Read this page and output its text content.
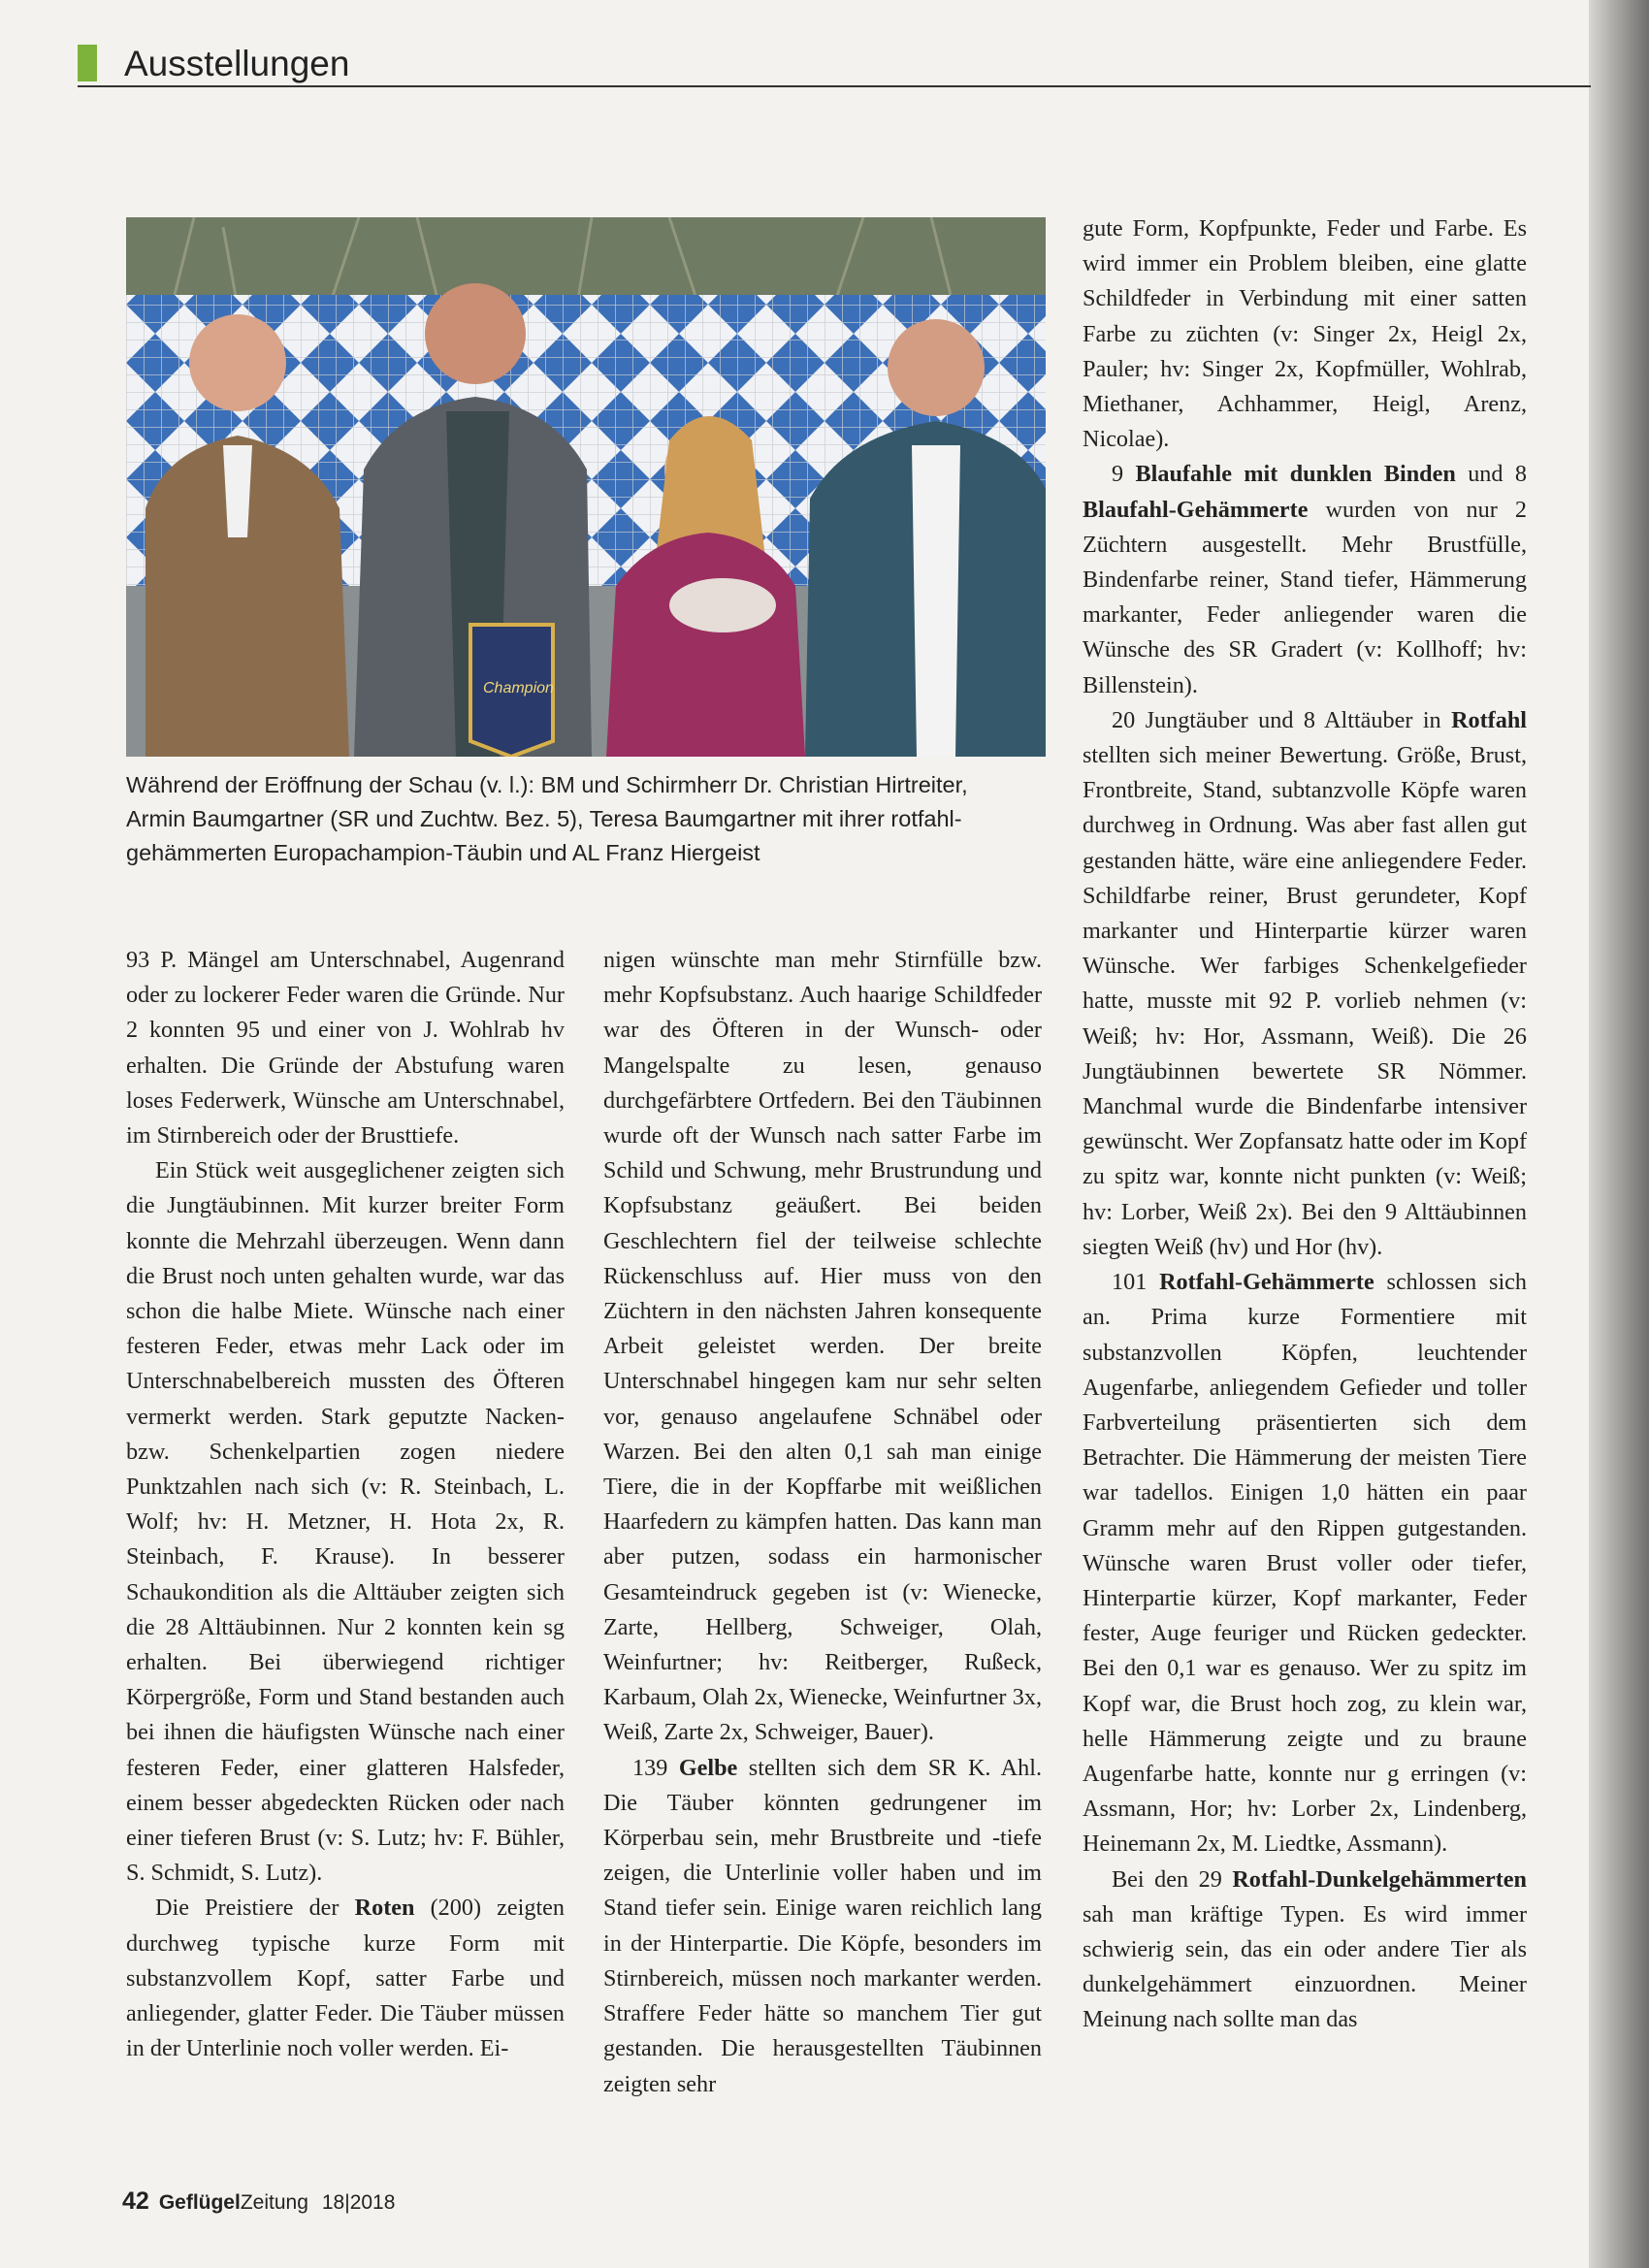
Ausstellungen
Champion

Während der Eröffnung der Schau (v. l.): BM und Schirmherr Dr. Christian Hirtreiter,

Armin Baumgartner (SR und Zuchtw. Bez. 5), Teresa Baumgartner mit ihrer rotfahl-

gehämmerten Europachampion-Täubin und AL Franz Hiergeist

93 P. Mängel am Unterschnabel, Augenrand oder zu lockerer Feder waren die Gründe. Nur 2 konnten 95 und einer von J. Wohlrab hv erhalten. Die Gründe der Abstufung waren loses Federwerk, Wünsche am Unterschnabel, im Stirnbereich oder der Brusttiefe.

Ein Stück weit ausgeglichener zeigten sich die Jungtäubinnen. Mit kurzer breiter Form konnte die Mehrzahl überzeugen. Wenn dann die Brust noch unten gehalten wurde, war das schon die halbe Miete. Wünsche nach einer festeren Feder, etwas mehr Lack oder im Unterschnabelbereich mussten des Öfteren vermerkt werden. Stark geputzte Nacken- bzw. Schenkelpartien zogen niedere Punktzahlen nach sich (v: R. Steinbach, L. Wolf; hv: H. Metzner, H. Hota 2x, R. Steinbach, F. Krause). In besserer Schaukondition als die Alttäuber zeigten sich die 28 Alttäubinnen. Nur 2 konnten kein sg erhalten. Bei überwiegend richtiger Körpergröße, Form und Stand bestanden auch bei ihnen die häufigsten Wünsche nach einer festeren Feder, einer glatteren Halsfeder, einem besser abgedeckten Rücken oder nach einer tieferen Brust (v: S. Lutz; hv: F. Bühler, S. Schmidt, S. Lutz).

Die Preistiere der Roten (200) zeigten durchweg typische kurze Form mit substanzvollem Kopf, satter Farbe und anliegender, glatter Feder. Die Täuber müssen in der Unterlinie noch voller werden. Ei-

nigen wünschte man mehr Stirnfülle bzw. mehr Kopfsubstanz. Auch haarige Schildfeder war des Öfteren in der Wunsch- oder Mangelspalte zu lesen, genauso durchgefärbtere Ortfedern. Bei den Täubinnen wurde oft der Wunsch nach satter Farbe im Schild und Schwung, mehr Brustrundung und Kopfsubstanz geäußert. Bei beiden Geschlechtern fiel der teilweise schlechte Rückenschluss auf. Hier muss von den Züchtern in den nächsten Jahren konsequente Arbeit geleistet werden. Der breite Unterschnabel hingegen kam nur sehr selten vor, genauso angelaufene Schnäbel oder Warzen. Bei den alten 0,1 sah man einige Tiere, die in der Kopffarbe mit weißlichen Haarfedern zu kämpfen hatten. Das kann man aber putzen, sodass ein harmonischer Gesamteindruck gegeben ist (v: Wienecke, Zarte, Hellberg, Schweiger, Olah, Weinfurtner; hv: Reitberger, Rußeck, Karbaum, Olah 2x, Wienecke, Weinfurtner 3x, Weiß, Zarte 2x, Schweiger, Bauer).

139 Gelbe stellten sich dem SR K. Ahl. Die Täuber könnten gedrungener im Körperbau sein, mehr Brustbreite und -tiefe zeigen, die Unterlinie voller haben und im Stand tiefer sein. Einige waren reichlich lang in der Hinterpartie. Die Köpfe, besonders im Stirnbereich, müssen noch markanter werden. Straffere Feder hätte so manchem Tier gut gestanden. Die herausgestellten Täubinnen zeigten sehr

gute Form, Kopfpunkte, Feder und Farbe. Es wird immer ein Problem bleiben, eine glatte Schildfeder in Verbindung mit einer satten Farbe zu züchten (v: Singer 2x, Heigl 2x, Pauler; hv: Singer 2x, Kopfmüller, Wohlrab, Miethaner, Achhammer, Heigl, Arenz, Nicolae).

9 Blaufahle mit dunklen Binden und 8 Blaufahl-Gehämmerte wurden von nur 2 Züchtern ausgestellt. Mehr Brustfülle, Bindenfarbe reiner, Stand tiefer, Hämmerung markanter, Feder anliegender waren die Wünsche des SR Gradert (v: Kollhoff; hv: Billenstein).

20 Jungtäuber und 8 Alttäuber in Rotfahl stellten sich meiner Bewertung. Größe, Brust, Frontbreite, Stand, subtanzvolle Köpfe waren durchweg in Ordnung. Was aber fast allen gut gestanden hätte, wäre eine anliegendere Feder. Schildfarbe reiner, Brust gerundeter, Kopf markanter und Hinterpartie kürzer waren Wünsche. Wer farbiges Schenkelgefieder hatte, musste mit 92 P. vorlieb nehmen (v: Weiß; hv: Hor, Assmann, Weiß). Die 26 Jungtäubinnen bewertete SR Nömmer. Manchmal wurde die Bindenfarbe intensiver gewünscht. Wer Zopfansatz hatte oder im Kopf zu spitz war, konnte nicht punkten (v: Weiß; hv: Lorber, Weiß 2x). Bei den 9 Alttäubinnen siegten Weiß (hv) und Hor (hv).

101 Rotfahl-Gehämmerte schlossen sich an. Prima kurze Formentiere mit substanzvollen Köpfen, leuchtender Augenfarbe, anliegendem Gefieder und toller Farbverteilung präsentierten sich dem Betrachter. Die Hämmerung der meisten Tiere war tadellos. Einigen 1,0 hätten ein paar Gramm mehr auf den Rippen gutgestanden. Wünsche waren Brust voller oder tiefer, Hinterpartie kürzer, Kopf markanter, Feder fester, Auge feuriger und Rücken gedeckter. Bei den 0,1 war es genauso. Wer zu spitz im Kopf war, die Brust hoch zog, zu klein war, helle Hämmerung zeigte und zu braune Augenfarbe hatte, konnte nur g erringen (v: Assmann, Hor; hv: Lorber 2x, Lindenberg, Heinemann 2x, M. Liedtke, Assmann).

Bei den 29 Rotfahl-Dunkelgehämmerten sah man kräftige Typen. Es wird immer schwierig sein, das ein oder andere Tier als dunkelgehämmert einzuordnen. Meiner Meinung nach sollte man das

42 GeflügelZeitung 18|2018
